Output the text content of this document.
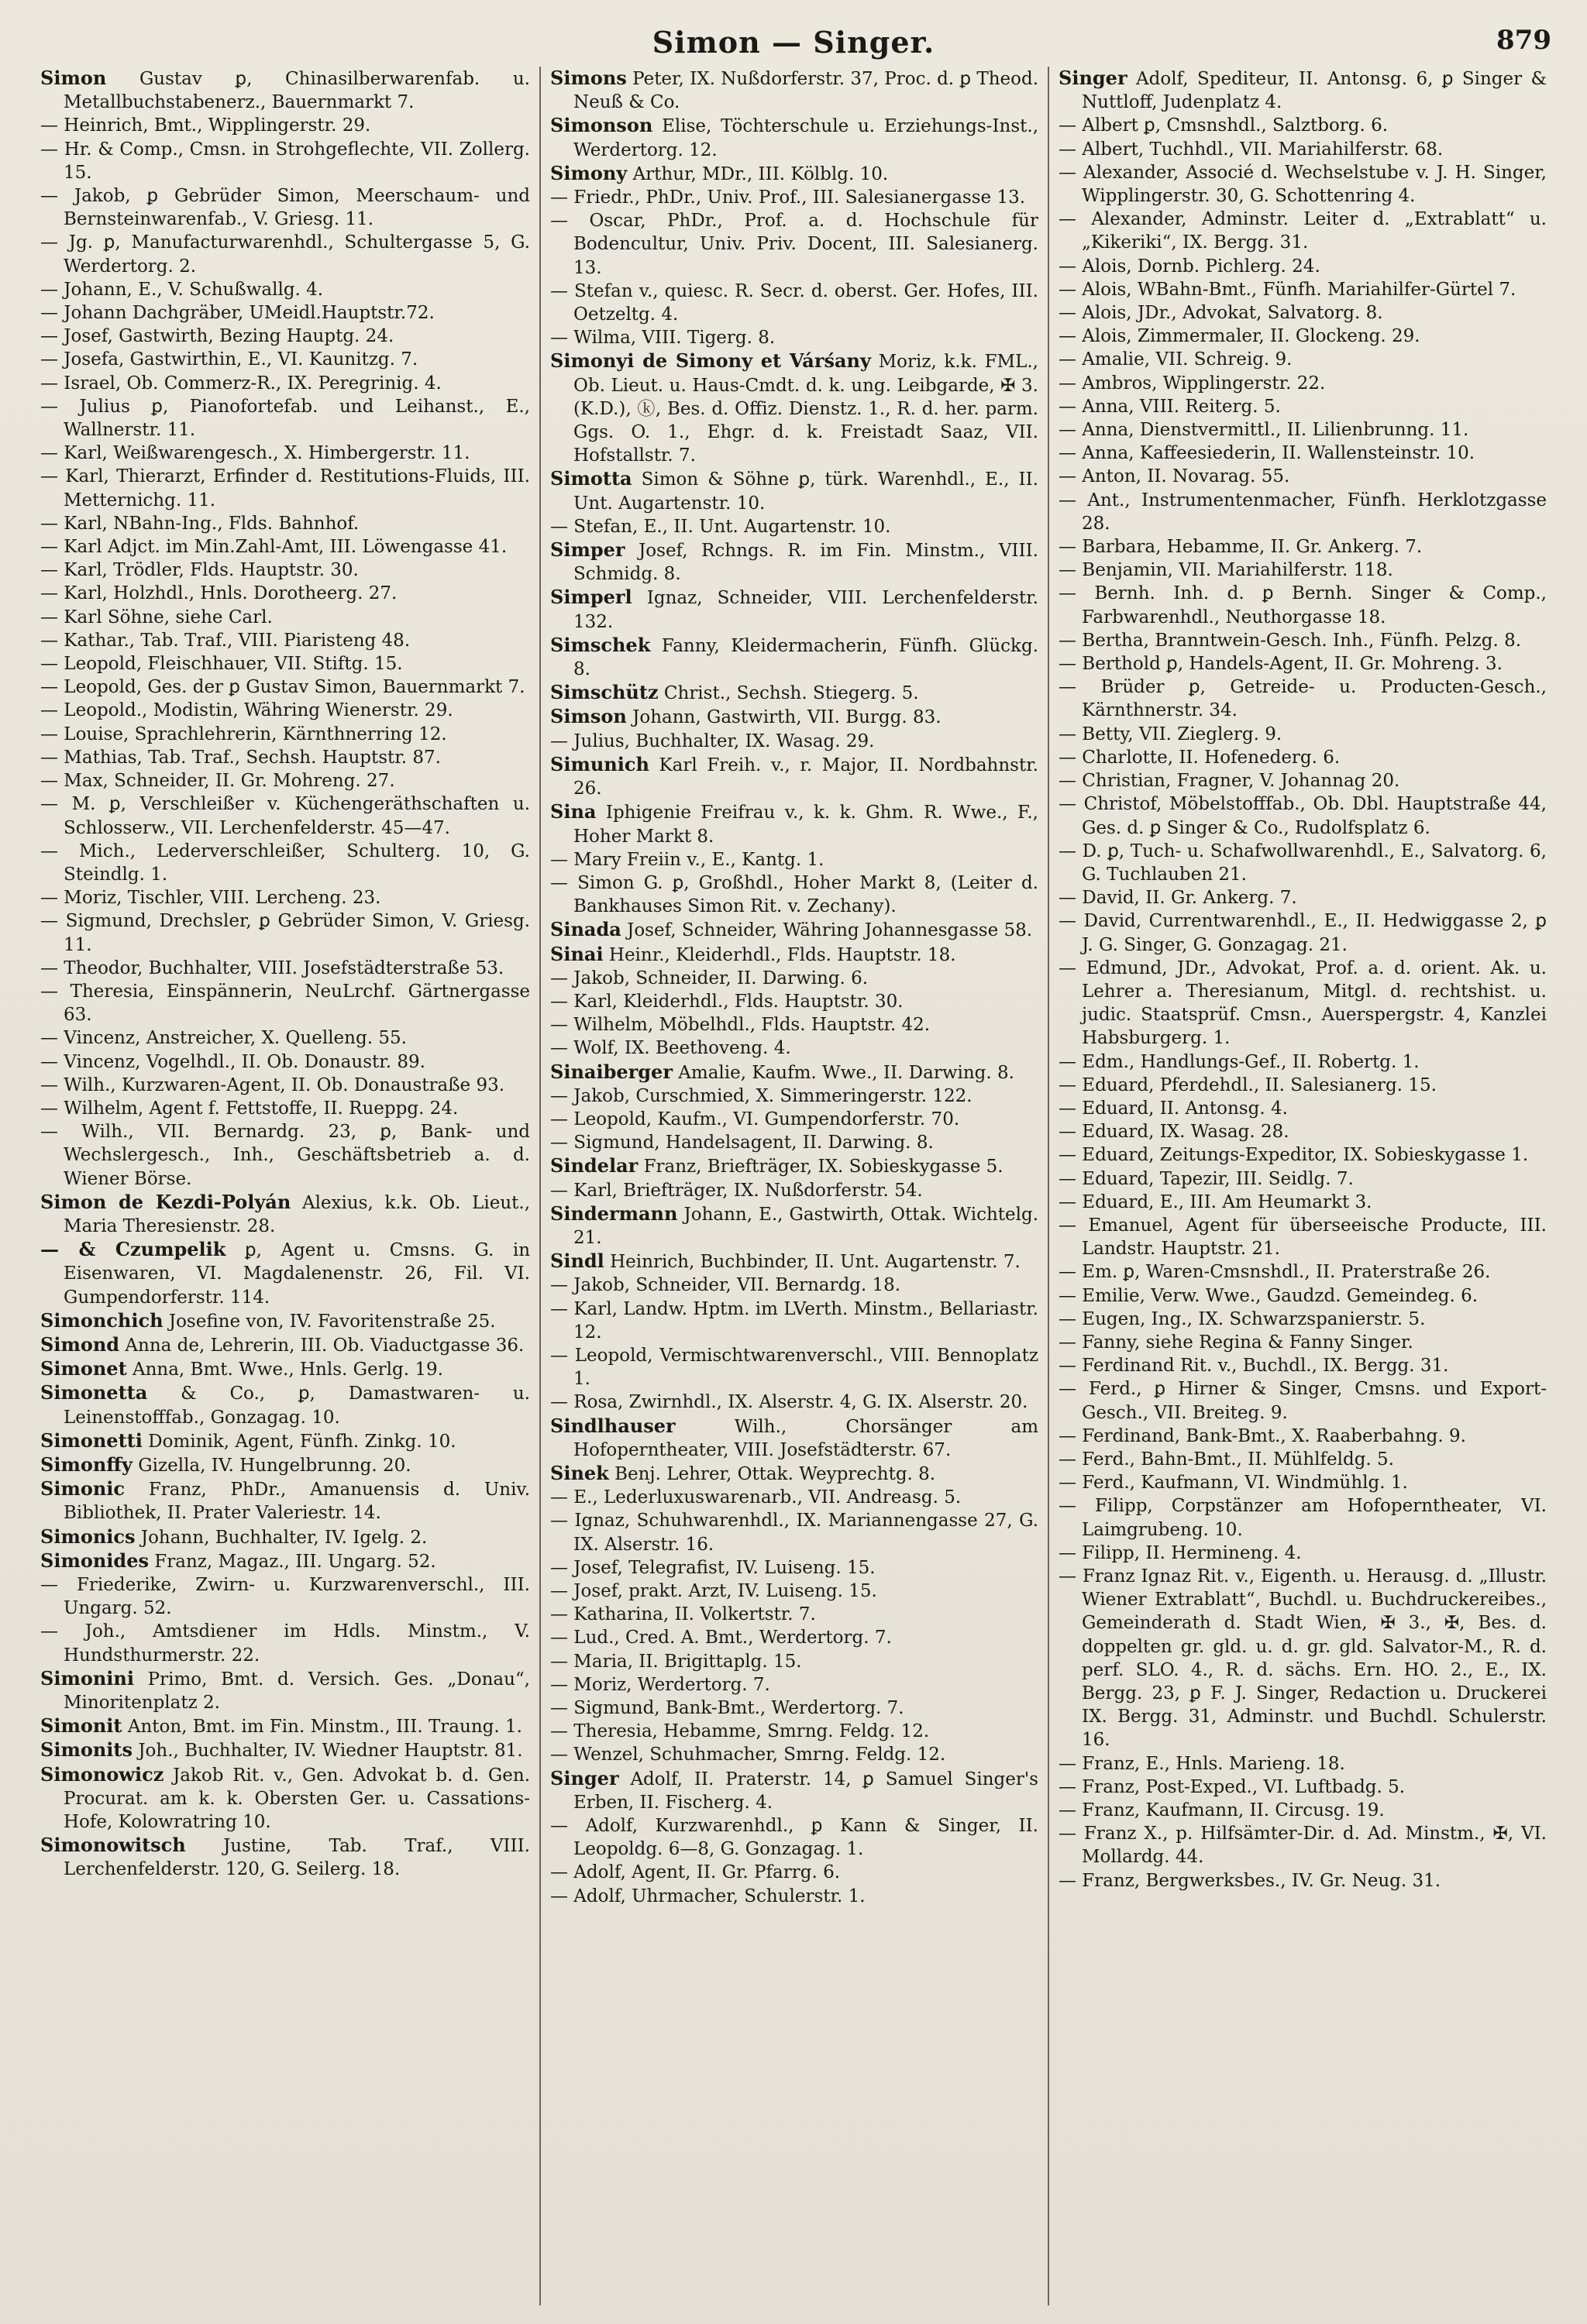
Simon — Singer.	879
Simon Gustav ꝑ, Chinasilberwarenfab. u. Metallbuchstabenerz., Bauernmarkt 7.
— Heinrich, Bmt., Wipplingerstr. 29.
— Hr. & Comp., Cmsn. in Strohgeflechte, VII. Zollerg. 15.
— Jakob, ꝑ Gebrüder Simon, Meerschaum- und Bernsteinwarenfab., V. Griesg. 11.
— Jg. ꝑ, Manufacturwarenhdl., Schultergasse 5, G. Werdertorg. 2.
— Johann, E., V. Schußwallg. 4.
— Johann Dachgräber, UMeidl.Hauptstr.72.
— Josef, Gastwirth, Bezing Hauptg. 24.
— Josefa, Gastwirthin, E., VI. Kaunitzg. 7.
— Israel, Ob. Commerz-R., IX. Peregrinig. 4.
— Julius ꝑ, Pianofortefab. und Leihanst., E., Wallnerstr. 11.
— Karl, Weißwarengesch., X. Himbergerstr. 11.
— Karl, Thierarzt, Erfinder d. Restitutions-Fluids, III. Metternichg. 11.
— Karl, NBahn-Ing., Flds. Bahnhof.
— Karl Adjct. im Min.Zahl-Amt, III. Löwengasse 41.
— Karl, Trödler, Flds. Hauptstr. 30.
— Karl, Holzhdl., Hnls. Dorotheerg. 27.
— Karl Söhne, siehe Carl.
— Kathar., Tab. Traf., VIII. Piaristeng 48.
— Leopold, Fleischhauer, VII. Stiftg. 15.
— Leopold, Ges. der ꝑ Gustav Simon, Bauernmarkt 7.
— Leopold., Modistin, Währing Wienerstr. 29.
— Louise, Sprachlehrerin, Kärnthnerring 12.
— Mathias, Tab. Traf., Sechsh. Hauptstr. 87.
— Max, Schneider, II. Gr. Mohreng. 27.
— M. ꝑ, Verschleißer v. Küchengeräthschaften u. Schlosserw., VII. Lerchenfelderstr. 45—47.
— Mich., Lederverschleißer, Schulterg. 10, G. Steindlg. 1.
— Moriz, Tischler, VIII. Lercheng. 23.
— Sigmund, Drechsler, ꝑ Gebrüder Simon, V. Griesg. 11.
— Theodor, Buchhalter, VIII. Josefstädterstraße 53.
— Theresia, Einspännerin, NeuLrchf. Gärtnergasse 63.
— Vincenz, Anstreicher, X. Quelleng. 55.
— Vincenz, Vogelhdl., II. Ob. Donaustr. 89.
— Wilh., Kurzwaren-Agent, II. Ob. Donaustraße 93.
— Wilhelm, Agent f. Fettstoffe, II. Rueppg. 24.
— Wilh., VII. Bernardg. 23, ꝑ, Bank- und Wechslergesch., Inh., Geschäftsbetrieb a. d. Wiener Börse.
Simon de Kezdi-Polyán Alexius, k.k. Ob. Lieut., Maria Theresienstr. 28.
— & Czumpelik ꝑ, Agent u. Cmsns. G. in Eisenwaren, VI. Magdalenenstr. 26, Fil. VI. Gumpendorferstr. 114.
Simonchich Josefine von, IV. Favoritenstraße 25.
Simond Anna de, Lehrerin, III. Ob. Viaductgasse 36.
Simonet Anna, Bmt. Wwe., Hnls. Gerlg. 19.
Simonetta & Co., ꝑ, Damastwaren- u. Leinenstofffab., Gonzagag. 10.
Simonetti Dominik, Agent, Fünfh. Zinkg. 10.
Simonffy Gizella, IV. Hungelbrunng. 20.
Simonic Franz, PhDr., Amanuensis d. Univ. Bibliothek, II. Prater Valeriestr. 14.
Simonics Johann, Buchhalter, IV. Igelg. 2.
Simonides Franz, Magaz., III. Ungarg. 52.
— Friederike, Zwirn- u. Kurzwarenverschl., III. Ungarg. 52.
— Joh., Amtsdiener im Hdls. Minstm., V. Hundsthurmerstr. 22.
Simonini Primo, Bmt. d. Versich. Ges. „Donau“, Minoritenplatz 2.
Simonit Anton, Bmt. im Fin. Minstm., III. Traung. 1.
Simonits Joh., Buchhalter, IV. Wiedner Hauptstr. 81.
Simonowicz Jakob Rit. v., Gen. Advokat b. d. Gen. Procurat. am k. k. Obersten Ger. u. Cassations-Hofe, Kolowratring 10.
Simonowitsch Justine, Tab. Traf., VIII. Lerchenfelderstr. 120, G. Seilerg. 18.
Simons Peter, IX. Nußdorferstr. 37, Proc. d. ꝑ Theod. Neuß & Co.
Simonson Elise, Töchterschule u. Erziehungs-Inst., Werdertorg. 12.
Simony Arthur, MDr., III. Kölblg. 10.
— Friedr., PhDr., Univ. Prof., III. Salesianergasse 13.
— Oscar, PhDr., Prof. a. d. Hochschule für Bodencultur, Univ. Priv. Docent, III. Salesianerg. 13.
— Stefan v., quiesc. R. Secr. d. oberst. Ger. Hofes, III. Oetzeltg. 4.
— Wilma, VIII. Tigerg. 8.
Simonyi de Simony et Várśany Moriz, k.k. FML., Ob. Lieut. u. Haus-Cmdt. d. k. ung. Leibgarde, ✠ 3. (K.D.), ⓚ, Bes. d. Offiz. Dienstz. 1., R. d. her. parm. Ggs. O. 1., Ehgr. d. k. Freistadt Saaz, VII. Hofstallstr. 7.
Simotta Simon & Söhne ꝑ, türk. Warenhdl., E., II. Unt. Augartenstr. 10.
— Stefan, E., II. Unt. Augartenstr. 10.
Simper Josef, Rchngs. R. im Fin. Minstm., VIII. Schmidg. 8.
Simperl Ignaz, Schneider, VIII. Lerchenfelderstr. 132.
Simschek Fanny, Kleidermacherin, Fünfh. Glückg. 8.
Simschütz Christ., Sechsh. Stiegerg. 5.
Simson Johann, Gastwirth, VII. Burgg. 83.
— Julius, Buchhalter, IX. Wasag. 29.
Simunich Karl Freih. v., r. Major, II. Nordbahnstr. 26.
Sina Iphigenie Freifrau v., k. k. Ghm. R. Wwe., F., Hoher Markt 8.
— Mary Freiin v., E., Kantg. 1.
— Simon G. ꝑ, Großhdl., Hoher Markt 8, (Leiter d. Bankhauses Simon Rit. v. Zechany).
Sinada Josef, Schneider, Währing Johannesgasse 58.
Sinai Heinr., Kleiderhdl., Flds. Hauptstr. 18.
— Jakob, Schneider, II. Darwing. 6.
— Karl, Kleiderhdl., Flds. Hauptstr. 30.
— Wilhelm, Möbelhdl., Flds. Hauptstr. 42.
— Wolf, IX. Beethoveng. 4.
Sinaiberger Amalie, Kaufm. Wwe., II. Darwing. 8.
— Jakob, Curschmied, X. Simmeringerstr. 122.
— Leopold, Kaufm., VI. Gumpendorferstr. 70.
— Sigmund, Handelsagent, II. Darwing. 8.
Sindelar Franz, Briefträger, IX. Sobieskygasse 5.
— Karl, Briefträger, IX. Nußdorferstr. 54.
Sindermann Johann, E., Gastwirth, Ottak. Wichtelg. 21.
Sindl Heinrich, Buchbinder, II. Unt. Augartenstr. 7.
— Jakob, Schneider, VII. Bernardg. 18.
— Karl, Landw. Hptm. im LVerth. Minstm., Bellariastr. 12.
— Leopold, Vermischtwarenverschl., VIII. Bennoplatz 1.
— Rosa, Zwirnhdl., IX. Alserstr. 4, G. IX. Alserstr. 20.
Sindlhauser	Wilh., Chorsänger am Hofoperntheater, VIII. Josefstädterstr. 67.
Sinek Benj. Lehrer, Ottak. Weyprechtg. 8.
— E., Lederluxuswarenarb., VII. Andreasg. 5.
— Ignaz, Schuhwarenhdl., IX. Mariannengasse 27, G. IX. Alserstr. 16.
— Josef, Telegrafist, IV. Luiseng. 15.
— Josef, prakt. Arzt, IV. Luiseng. 15.
— Katharina, II. Volkertstr. 7.
— Lud., Cred. A. Bmt., Werdertorg. 7.
— Maria, II. Brigittaplg. 15.
— Moriz, Werdertorg. 7.
— Sigmund, Bank-Bmt., Werdertorg. 7.
— Theresia, Hebamme, Smrng. Feldg. 12.
— Wenzel, Schuhmacher, Smrng. Feldg. 12.
Singer Adolf, II. Praterstr. 14, ꝑ Samuel Singer's Erben, II. Fischerg. 4.
— Adolf, Kurzwarenhdl., ꝑ Kann & Singer, II. Leopoldg. 6—8, G. Gonzagag. 1.
— Adolf, Agent, II. Gr. Pfarrg. 6.
— Adolf, Uhrmacher, Schulerstr. 1.
Singer Adolf, Spediteur, II. Antonsg. 6, ꝑ Singer & Nuttloff, Judenplatz 4.
— Albert ꝑ, Cmsnshdl., Salztborg. 6.
— Albert, Tuchhdl., VII. Mariahilferstr. 68.
— Alexander, Associé d. Wechselstube v. J. H. Singer, Wipplingerstr. 30, G. Schottenring 4.
— Alexander, Adminstr. Leiter d. „Extrablatt“ u. „Kikeriki“, IX. Bergg. 31.
— Alois, Dornb. Pichlerg. 24.
— Alois, WBahn-Bmt., Fünfh. Mariahilfer-Gürtel 7.
— Alois, JDr., Advokat, Salvatorg. 8.
— Alois, Zimmermaler, II. Glockeng. 29.
— Amalie, VII. Schreig. 9.
— Ambros, Wipplingerstr. 22.
— Anna, VIII. Reiterg. 5.
— Anna, Dienstvermittl., II. Lilienbrunng. 11.
— Anna, Kaffeesiederin, II. Wallensteinstr. 10.
— Anton, II. Novarag. 55.
— Ant., Instrumentenmacher, Fünfh. Herklotzgasse 28.
— Barbara, Hebamme, II. Gr. Ankerg. 7.
— Benjamin, VII. Mariahilferstr. 118.
— Bernh. Inh. d. ꝑ Bernh. Singer & Comp., Farbwarenhdl., Neuthorgasse 18.
— Bertha, Branntwein-Gesch. Inh., Fünfh. Pelzg. 8.
— Berthold ꝑ, Handels-Agent, II. Gr. Mohreng. 3.
— Brüder ꝑ, Getreide- u. Producten-Gesch., Kärnthnerstr. 34.
— Betty, VII. Zieglerg. 9.
— Charlotte, II. Hofenederg. 6.
— Christian, Fragner, V. Johannag 20.
— Christof, Möbelstofffab., Ob. Dbl. Hauptstraße 44, Ges. d. ꝑ Singer & Co., Rudolfsplatz 6.
— D. ꝑ, Tuch- u. Schafwollwarenhdl., E., Salvatorg. 6, G. Tuchlauben 21.
— David, II. Gr. Ankerg. 7.
— David, Currentwarenhdl., E., II. Hedwiggasse 2, ꝑ J. G. Singer, G. Gonzagag. 21.
— Edmund, JDr., Advokat, Prof. a. d. orient. Ak. u. Lehrer a. Theresianum, Mitgl. d. rechtshist. u. judic. Staatsprüf. Cmsn., Auerspergstr. 4, Kanzlei Habsburgerg. 1.
— Edm., Handlungs-Gef., II. Robertg. 1.
— Eduard, Pferdehdl., II. Salesianerg. 15.
— Eduard, II. Antonsg. 4.
— Eduard, IX. Wasag. 28.
— Eduard, Zeitungs-Expeditor, IX. Sobieskygasse 1.
— Eduard, Tapezir, III. Seidlg. 7.
— Eduard, E., III. Am Heumarkt 3.
— Emanuel, Agent für überseeische Producte, III. Landstr. Hauptstr. 21.
— Em. ꝑ, Waren-Cmsnshdl., II. Praterstraße 26.
— Emilie, Verw. Wwe., Gaudzd. Gemeindeg. 6.
— Eugen, Ing., IX. Schwarzspanierstr. 5.
— Fanny, siehe Regina & Fanny Singer.
— Ferdinand Rit. v., Buchdl., IX. Bergg. 31.
— Ferd., ꝑ Hirner & Singer, Cmsns. und Export-Gesch., VII. Breiteg. 9.
— Ferdinand, Bank-Bmt., X. Raaberbahng. 9.
— Ferd., Bahn-Bmt., II. Mühlfeldg. 5.
— Ferd., Kaufmann, VI. Windmühlg. 1.
— Filipp, Corpstänzer am Hofoperntheater, VI. Laimgrubeng. 10.
— Filipp, II. Hermineng. 4.
— Franz Ignaz Rit. v., Eigenth. u. Herausg. d. „Illustr. Wiener Extrablatt“, Buchdl. u. Buchdruckereibes., Gemeinderath d. Stadt Wien, ✠ 3., ✠, Bes. d. doppelten gr. gld. u. d. gr. gld. Salvator-M., R. d. perf. SLO. 4., R. d. sächs. Ern. HO. 2., E., IX. Bergg. 23, ꝑ F. J. Singer, Redaction u. Druckerei IX. Bergg. 31, Adminstr. und Buchdl. Schulerstr. 16.
— Franz, E., Hnls. Marieng. 18.
— Franz, Post-Exped., VI. Luftbadg. 5.
— Franz, Kaufmann, II. Circusg. 19.
— Franz X., p. Hilfsämter-Dir. d. Ad. Minstm., ✠, VI. Mollardg. 44.
— Franz, Bergwerksbes., IV. Gr. Neug. 31.
